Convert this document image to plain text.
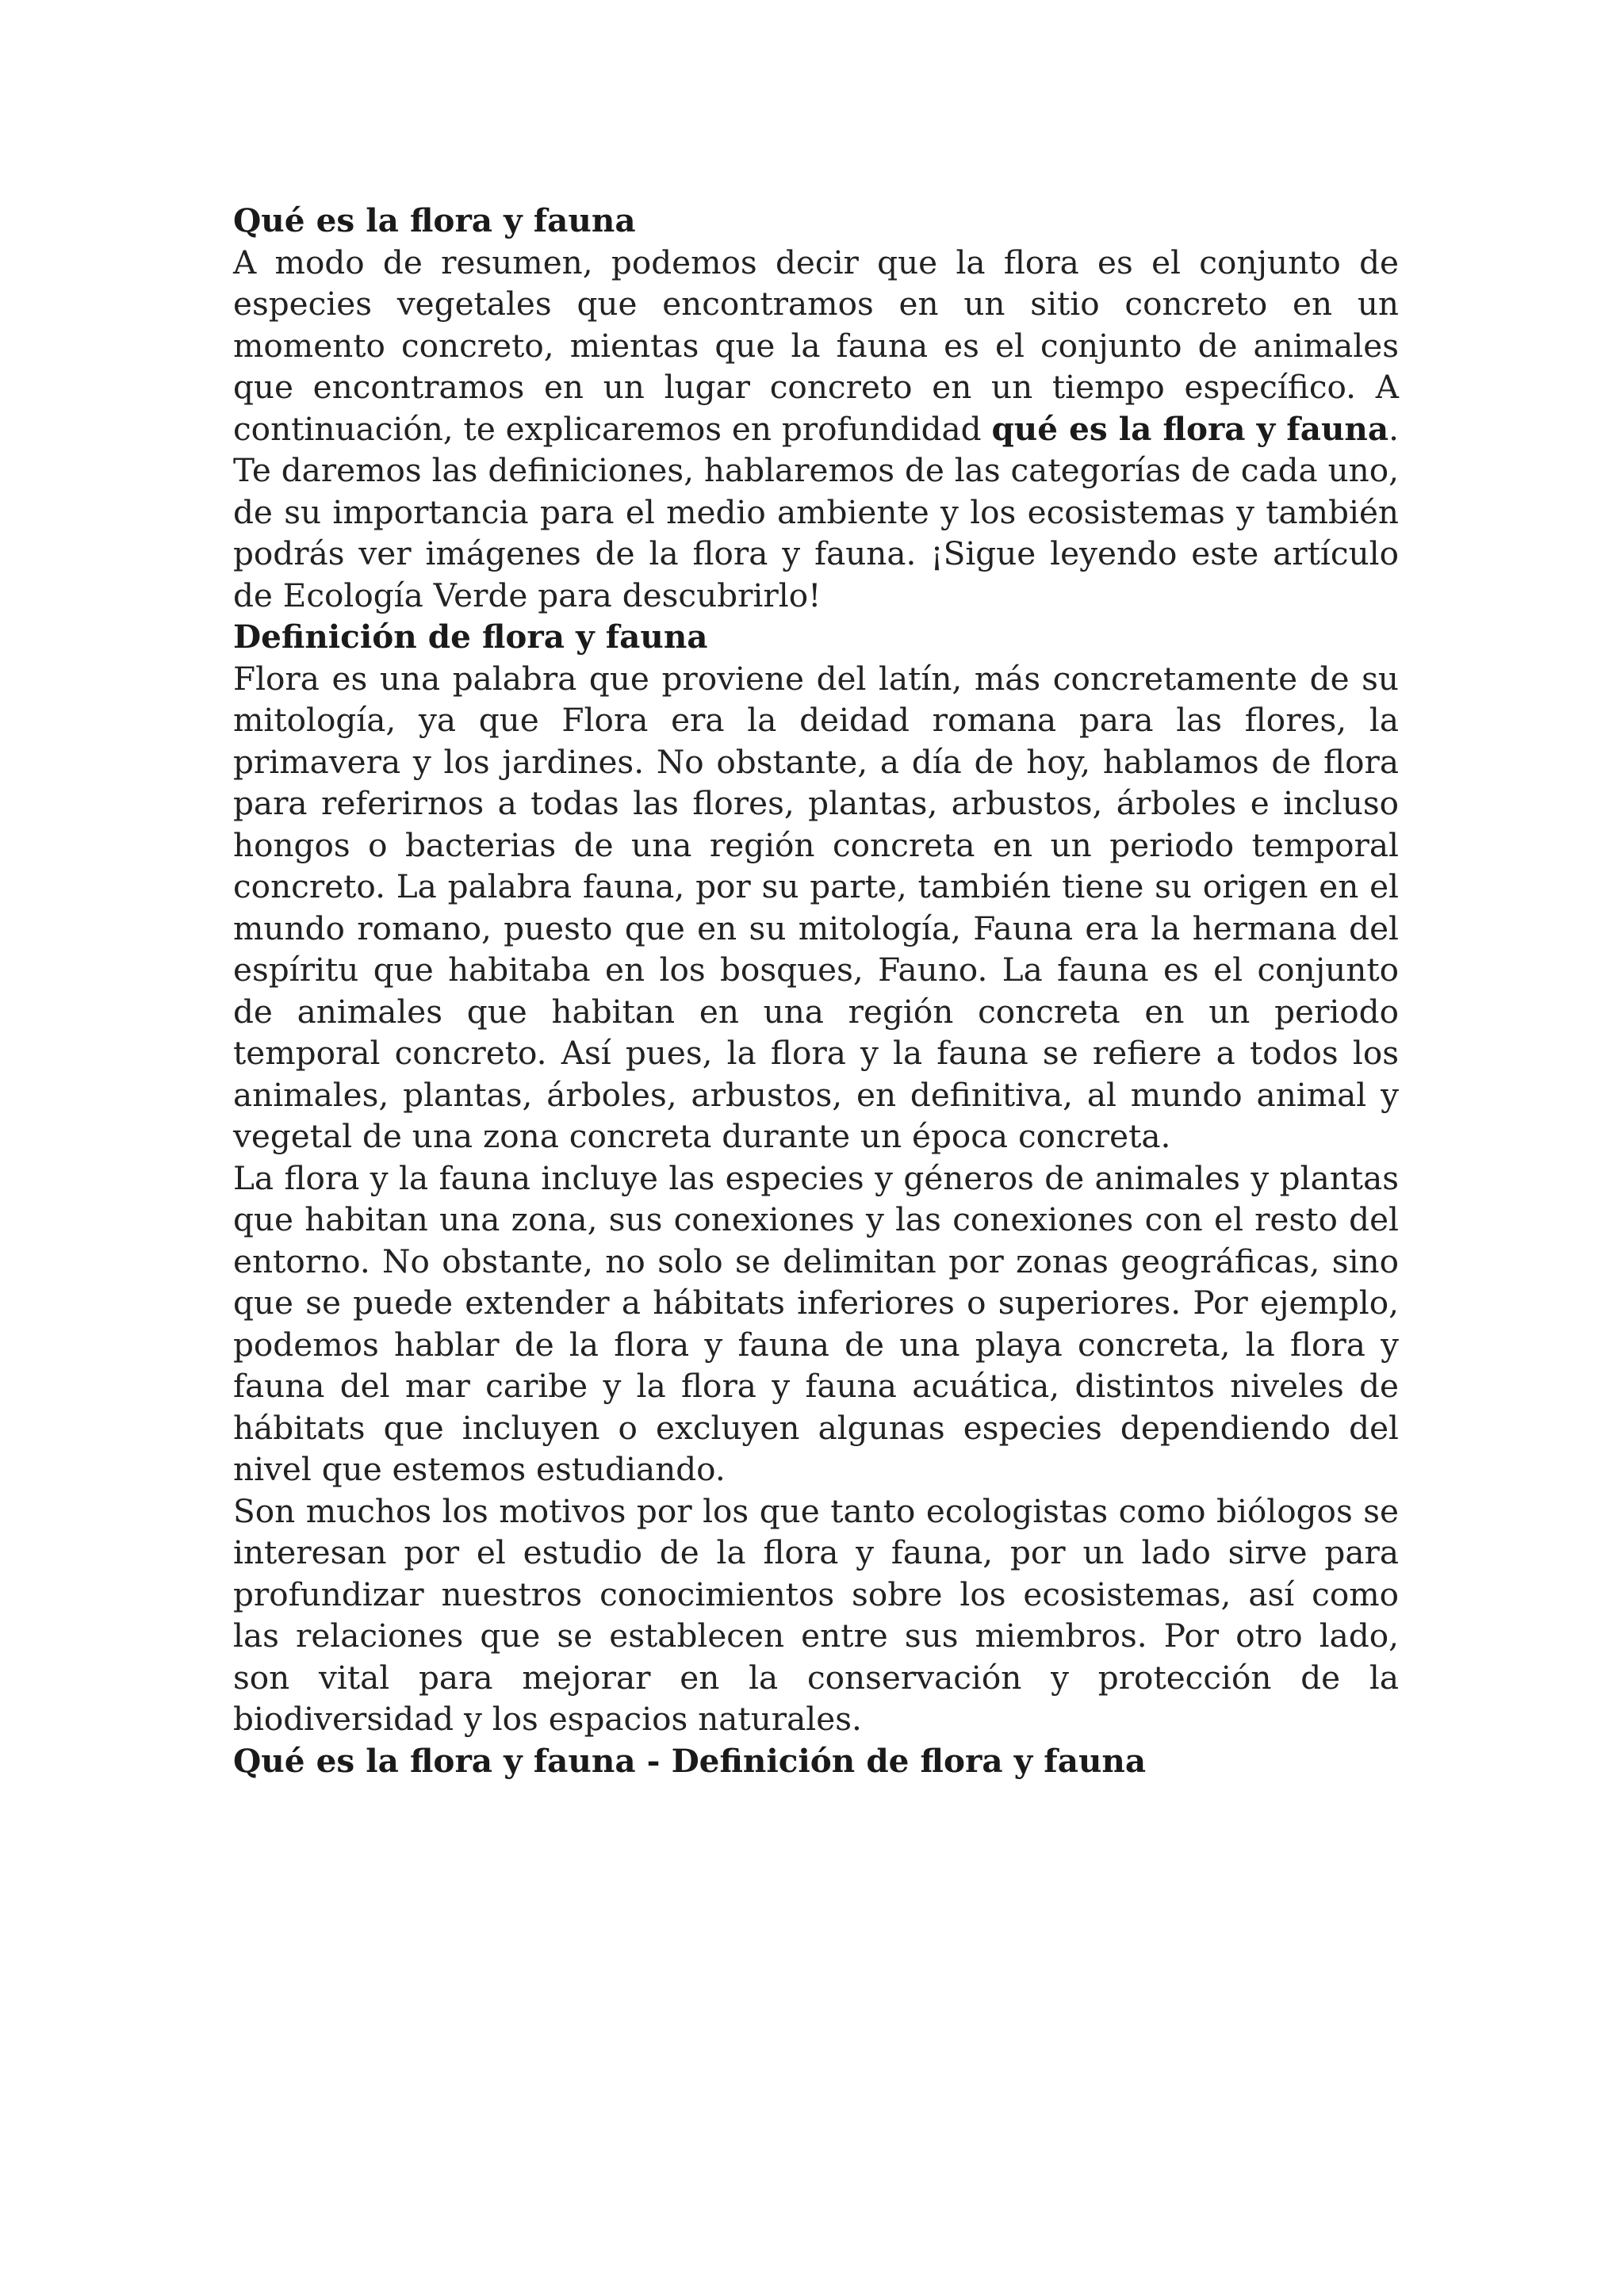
Qué es la flora y fauna

A modo de resumen, podemos decir que la flora es el conjunto de especies vegetales que encontramos en un sitio concreto en un momento concreto, mientas que la fauna es el conjunto de animales que encontramos en un lugar concreto en un tiempo específico. A continuación, te explicaremos en profundidad qué es la flora y fauna. Te daremos las definiciones, hablaremos de las categorías de cada uno, de su importancia para el medio ambiente y los ecosistemas y también podrás ver imágenes de la flora y fauna. ¡Sigue leyendo este artículo de Ecología Verde para descubrirlo!

Definición de flora y fauna

Flora es una palabra que proviene del latín, más concretamente de su mitología, ya que Flora era la deidad romana para las flores, la primavera y los jardines. No obstante, a día de hoy, hablamos de flora para referirnos a todas las flores, plantas, arbustos, árboles e incluso hongos o bacterias de una región concreta en un periodo temporal concreto. La palabra fauna, por su parte, también tiene su origen en el mundo romano, puesto que en su mitología, Fauna era la hermana del espíritu que habitaba en los bosques, Fauno. La fauna es el conjunto de animales que habitan en una región concreta en un periodo temporal concreto. Así pues, la flora y la fauna se refiere a todos los animales, plantas, árboles, arbustos, en definitiva, al mundo animal y vegetal de una zona concreta durante un época concreta.

La flora y la fauna incluye las especies y géneros de animales y plantas que habitan una zona, sus conexiones y las conexiones con el resto del entorno. No obstante, no solo se delimitan por zonas geográficas, sino que se puede extender a hábitats inferiores o superiores. Por ejemplo, podemos hablar de la flora y fauna de una playa concreta, la flora y fauna del mar caribe y la flora y fauna acuática, distintos niveles de hábitats que incluyen o excluyen algunas especies dependiendo del nivel que estemos estudiando.

Son muchos los motivos por los que tanto ecologistas como biólogos se interesan por el estudio de la flora y fauna, por un lado sirve para profundizar nuestros conocimientos sobre los ecosistemas, así como las relaciones que se establecen entre sus miembros. Por otro lado, son vital para mejorar en la conservación y protección de la biodiversidad y los espacios naturales.

Qué es la flora y fauna - Definición de flora y fauna
